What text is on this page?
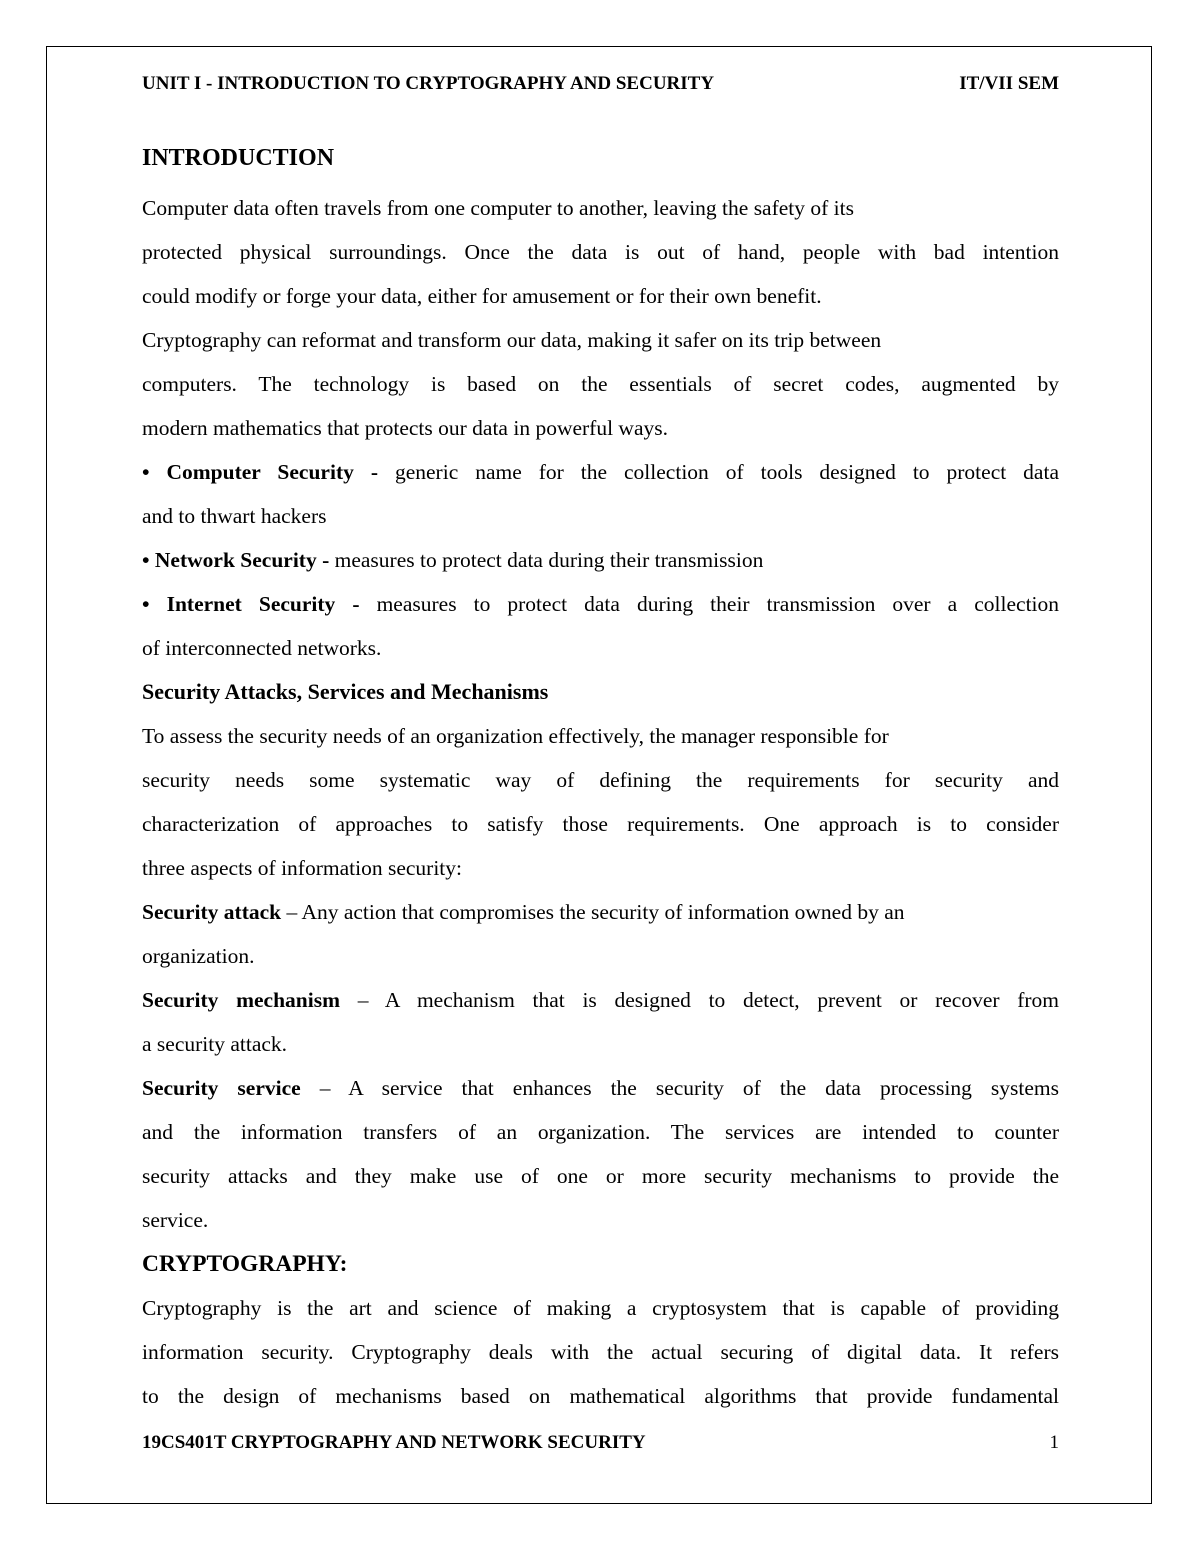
UNIT I - INTRODUCTION TO CRYPTOGRAPHY AND SECURITY	IT/VII SEM
INTRODUCTION
Computer data often travels from one computer to another, leaving the safety of its
protected physical surroundings. Once the data is out of hand, people with bad intention
could modify or forge your data, either for amusement or for their own benefit.
Cryptography can reformat and transform our data, making it safer on its trip between
computers. The technology is based on the essentials of secret codes, augmented by
modern mathematics that protects our data in powerful ways.
• Computer Security - generic name for the collection of tools designed to protect data
and to thwart hackers
• Network Security - measures to protect data during their transmission
• Internet Security - measures to protect data during their transmission over a collection
of interconnected networks.
Security Attacks, Services and Mechanisms
To assess the security needs of an organization effectively, the manager responsible for
security needs some systematic way of defining the requirements for security and
characterization of approaches to satisfy those requirements. One approach is to consider
three aspects of information security:
Security attack – Any action that compromises the security of information owned by an
organization.
Security mechanism – A mechanism that is designed to detect, prevent or recover from
a security attack.
Security service – A service that enhances the security of the data processing systems
and the information transfers of an organization. The services are intended to counter
security attacks and they make use of one or more security mechanisms to provide the
service.
CRYPTOGRAPHY:
Cryptography is the art and science of making a cryptosystem that is capable of providing
information security. Cryptography deals with the actual securing of digital data. It refers
to the design of mechanisms based on mathematical algorithms that provide fundamental
19CS401T CRYPTOGRAPHY AND NETWORK SECURITY	1
